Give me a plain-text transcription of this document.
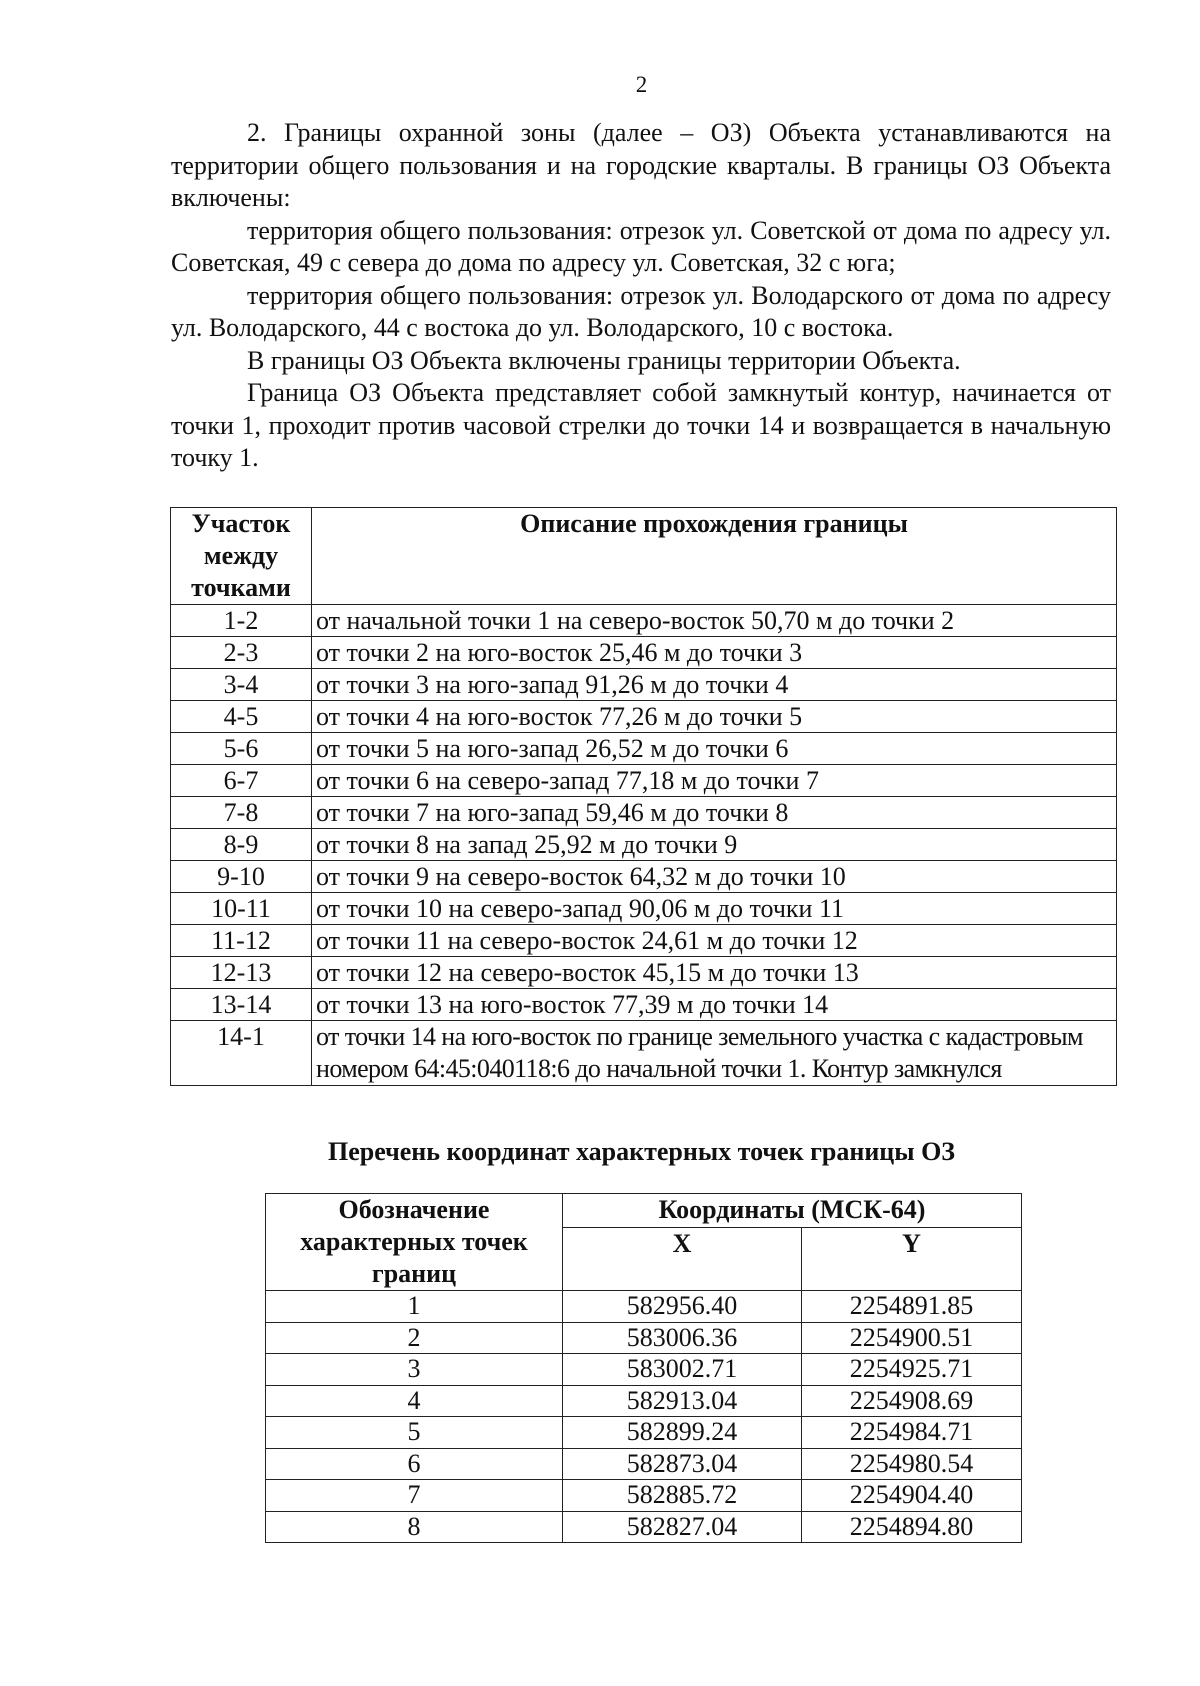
2

2. Границы охранной зоны (далее – ОЗ) Объекта устанавливаются на территории общего пользования и на городские кварталы. В границы ОЗ Объекта включены:

территория общего пользования: отрезок ул. Советской от дома по адресу ул. Советская, 49 с севера до дома по адресу ул. Советская, 32 с юга;

территория общего пользования: отрезок ул. Володарского от дома по адресу ул. Володарского, 44 с востока до ул. Володарского, 10 с востока.

В границы ОЗ Объекта включены границы территории Объекта.

Граница ОЗ Объекта представляет собой замкнутый контур, начинается от точки 1, проходит против часовой стрелки до точки 14 и возвращается в начальную точку 1.

Участок между точками	Описание прохождения границы
1-2	от начальной точки 1 на северо-восток 50,70 м до точки 2
2-3	от точки 2 на юго-восток 25,46 м до точки 3
3-4	от точки 3 на юго-запад 91,26 м до точки 4
4-5	от точки 4 на юго-восток 77,26 м до точки 5
5-6	от точки 5 на юго-запад 26,52 м до точки 6
6-7	от точки 6 на северо-запад 77,18 м до точки 7
7-8	от точки 7 на юго-запад 59,46 м до точки 8
8-9	от точки 8 на запад 25,92 м до точки 9
9-10	от точки 9 на северо-восток 64,32 м до точки 10
10-11	от точки 10 на северо-запад 90,06 м до точки 11
11-12	от точки 11 на северо-восток 24,61 м до точки 12
12-13	от точки 12 на северо-восток 45,15 м до точки 13
13-14	от точки 13 на юго-восток 77,39 м до точки 14
14-1	от точки 14 на юго-восток по границе земельного участка с кадастровым номером 64:45:040118:6 до начальной точки 1. Контур замкнулся
Перечень координат характерных точек границы ОЗ
Обозначение характерных точек границ	Координаты (МСК-64)	
	X	Y
1	582956.40	2254891.85
2	583006.36	2254900.51
3	583002.71	2254925.71
4	582913.04	2254908.69
5	582899.24	2254984.71
6	582873.04	2254980.54
7	582885.72	2254904.40
8	582827.04	2254894.80
